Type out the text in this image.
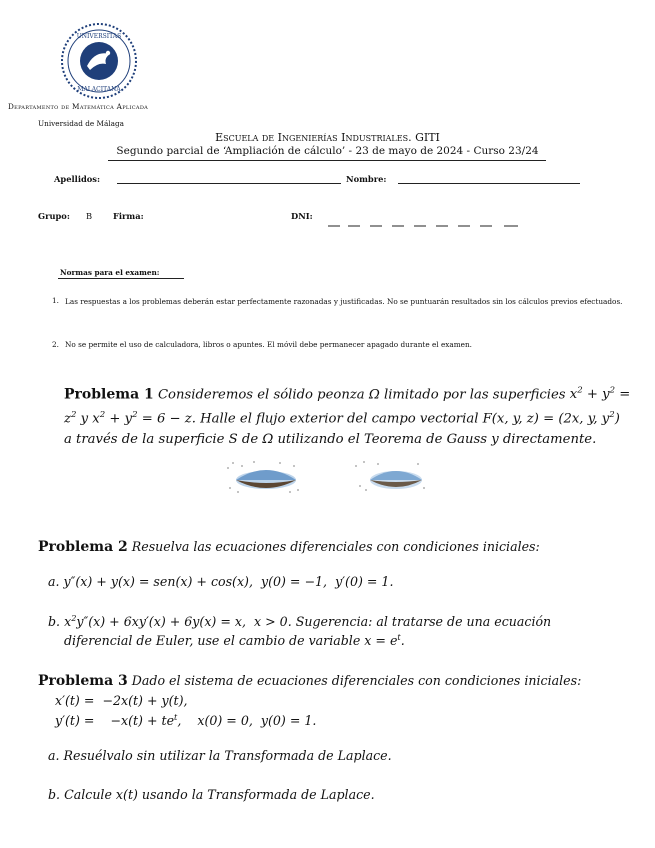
UNIVERSITAS
MALACITANA
Departamento de Matemática Aplicada
Universidad de Málaga
Escuela de Ingenierías Industriales. GITI
Segundo parcial de ‘Ampliación de cálculo’ - 23 de mayo de 2024 - Curso 23/24
Apellidos:	Nombre:
Grupo: B	Firma:	DNI:
Normas para el examen:
1. Las respuestas a los problemas deberán estar perfectamente razonadas y justificadas. No se puntuarán resultados sin los cálculos previos efectuados.
2. No se permite el uso de calculadora, libros o apuntes. El móvil debe permanecer apagado durante el examen.
Problema 1 Consideremos el sólido peonza Ω limitado por las superficies $x^2 + y^2$ =
$z^2$ y $x^2 + y^2 = 6 - z$. Halle el flujo exterior del campo vectorial F(x, y, z) = (2x, y, $y^2$)
a través de la superficie S de Ω utilizando el Teorema de Gauss y directamente.
Problema 2 Resuelva las ecuaciones diferenciales con condiciones iniciales:
a. y″(x) + y(x) = sen(x) + cos(x),  y(0) = −1,  y′(0) = 1.
b. $x^2y''(x) + 6xy'(x) + 6y(x) = x$,  x > 0. Sugerencia: al tratarse de una ecuación
diferencial de Euler, use el cambio de variable $x = e^t$.
Problema 3 Dado el sistema de ecuaciones diferenciales con condiciones iniciales:
x′(t) =  −2x(t) + y(t),
y′(t) =    $-x(t) + te^t$,    x(0) = 0,  y(0) = 1.
a. Resuélvalo sin utilizar la Transformada de Laplace.
b. Calcule x(t) usando la Transformada de Laplace.
